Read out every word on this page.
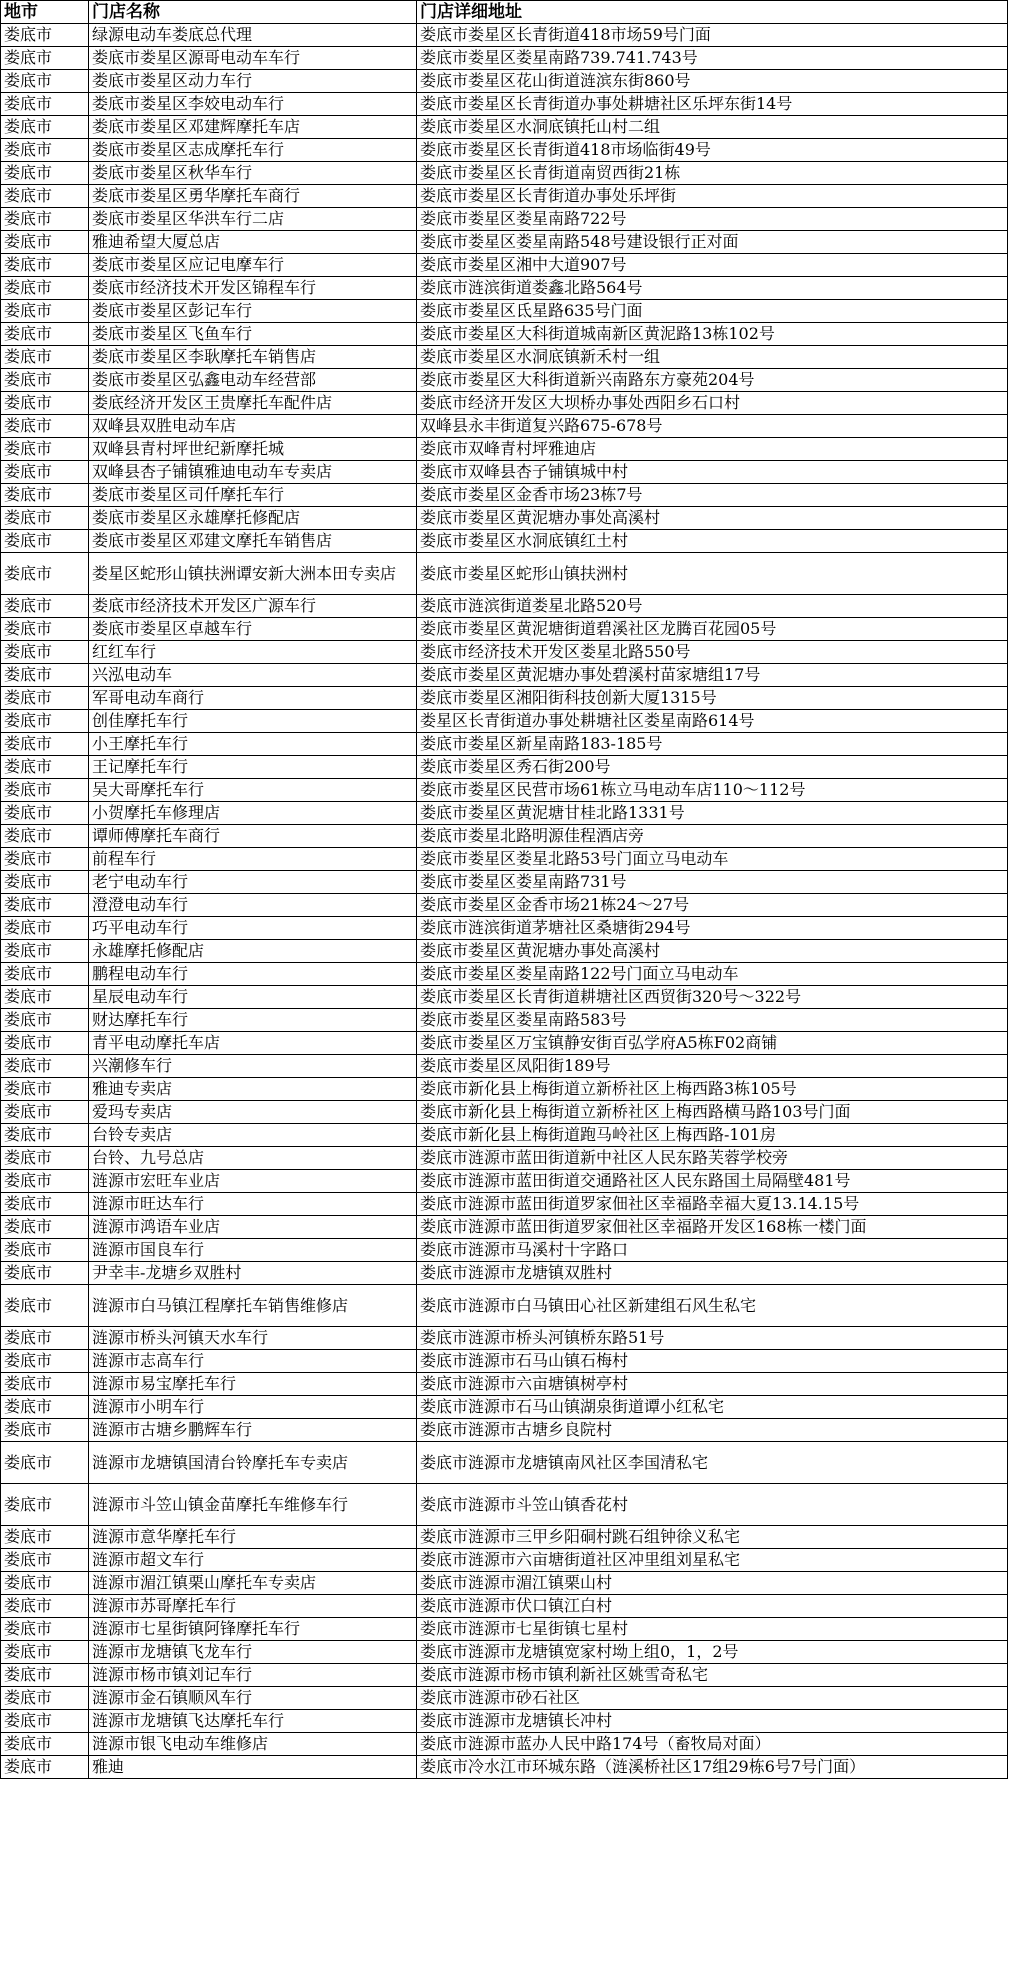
地市	门店名称	门店详细地址
娄底市	绿源电动车娄底总代理	娄底市娄星区长青街道418市场59号门面
娄底市	娄底市娄星区源哥电动车车行	娄底市娄星区娄星南路739.741.743号
娄底市	娄底市娄星区动力车行	娄底市娄星区花山街道涟滨东街860号
娄底市	娄底市娄星区李姣电动车行	娄底市娄星区长青街道办事处耕塘社区乐坪东街14号
娄底市	娄底市娄星区邓建辉摩托车店	娄底市娄星区水洞底镇托山村二组
娄底市	娄底市娄星区志成摩托车行	娄底市娄星区长青街道418市场临街49号
娄底市	娄底市娄星区秋华车行	娄底市娄星区长青街道南贸西街21栋
娄底市	娄底市娄星区勇华摩托车商行	娄底市娄星区长青街道办事处乐坪街
娄底市	娄底市娄星区华洪车行二店	娄底市娄星区娄星南路722号
娄底市	雅迪希望大厦总店	娄底市娄星区娄星南路548号建设银行正对面
娄底市	娄底市娄星区应记电摩车行	娄底市娄星区湘中大道907号
娄底市	娄底市经济技术开发区锦程车行	娄底市涟滨街道娄鑫北路564号
娄底市	娄底市娄星区彭记车行	娄底市娄星区氐星路635号门面
娄底市	娄底市娄星区飞鱼车行	娄底市娄星区大科街道城南新区黄泥路13栋102号
娄底市	娄底市娄星区李耿摩托车销售店	娄底市娄星区水洞底镇新禾村一组
娄底市	娄底市娄星区弘鑫电动车经营部	娄底市娄星区大科街道新兴南路东方豪苑204号
娄底市	娄底经济开发区王贵摩托车配件店	娄底市经济开发区大坝桥办事处西阳乡石口村
娄底市	双峰县双胜电动车店	双峰县永丰街道复兴路675-678号
娄底市	双峰县青村坪世纪新摩托城	娄底市双峰青村坪雅迪店
娄底市	双峰县杏子铺镇雅迪电动车专卖店	娄底市双峰县杏子铺镇城中村
娄底市	娄底市娄星区司仟摩托车行	娄底市娄星区金香市场23栋7号
娄底市	娄底市娄星区永雄摩托修配店	娄底市娄星区黄泥塘办事处高溪村
娄底市	娄底市娄星区邓建文摩托车销售店	娄底市娄星区水洞底镇红土村
娄底市	娄星区蛇形山镇扶洲谭安新大洲本田专卖店	娄底市娄星区蛇形山镇扶洲村
娄底市	娄底市经济技术开发区广源车行	娄底市涟滨街道娄星北路520号
娄底市	娄底市娄星区卓越车行	娄底市娄星区黄泥塘街道碧溪社区龙腾百花园05号
娄底市	红红车行	娄底市经济技术开发区娄星北路550号
娄底市	兴泓电动车	娄底市娄星区黄泥塘办事处碧溪村苗家塘组17号
娄底市	军哥电动车商行	娄底市娄星区湘阳街科技创新大厦1315号
娄底市	创佳摩托车行	娄星区长青街道办事处耕塘社区娄星南路614号
娄底市	小王摩托车行	娄底市娄星区新星南路183-185号
娄底市	王记摩托车行	娄底市娄星区秀石街200号
娄底市	吴大哥摩托车行	娄底市娄星区民营市场61栋立马电动车店110～112号
娄底市	小贺摩托车修理店	娄底市娄星区黄泥塘甘桂北路1331号
娄底市	谭师傅摩托车商行	娄底市娄星北路明源佳程酒店旁
娄底市	前程车行	娄底市娄星区娄星北路53号门面立马电动车
娄底市	老宁电动车行	娄底市娄星区娄星南路731号
娄底市	澄澄电动车行	娄底市娄星区金香市场21栋24～27号
娄底市	巧平电动车行	娄底市涟滨街道茅塘社区桑塘街294号
娄底市	永雄摩托修配店	娄底市娄星区黄泥塘办事处高溪村
娄底市	鹏程电动车行	娄底市娄星区娄星南路122号门面立马电动车
娄底市	星辰电动车行	娄底市娄星区长青街道耕塘社区西贸街320号～322号
娄底市	财达摩托车行	娄底市娄星区娄星南路583号
娄底市	青平电动摩托车店	娄底市娄星区万宝镇静安街百弘学府A5栋F02商铺
娄底市	兴潮修车行	娄底市娄星区凤阳街189号
娄底市	雅迪专卖店	娄底市新化县上梅街道立新桥社区上梅西路3栋105号
娄底市	爱玛专卖店	娄底市新化县上梅街道立新桥社区上梅西路横马路103号门面
娄底市	台铃专卖店	娄底市新化县上梅街道跑马岭社区上梅西路-101房
娄底市	台铃、九号总店	娄底市涟源市蓝田街道新中社区人民东路芙蓉学校旁
娄底市	涟源市宏旺车业店	娄底市涟源市蓝田街道交通路社区人民东路国土局隔壁481号
娄底市	涟源市旺达车行	娄底市涟源市蓝田街道罗家佃社区幸福路幸福大夏13.14.15号
娄底市	涟源市鸿语车业店	娄底市涟源市蓝田街道罗家佃社区幸福路开发区168栋一楼门面
娄底市	涟源市国良车行	娄底市涟源市马溪村十字路口
娄底市	尹幸丰-龙塘乡双胜村	娄底市涟源市龙塘镇双胜村
娄底市	涟源市白马镇江程摩托车销售维修店	娄底市涟源市白马镇田心社区新建组石风生私宅
娄底市	涟源市桥头河镇天水车行	娄底市涟源市桥头河镇桥东路51号
娄底市	涟源市志高车行	娄底市涟源市石马山镇石梅村
娄底市	涟源市易宝摩托车行	娄底市涟源市六亩塘镇树亭村
娄底市	涟源市小明车行	娄底市涟源市石马山镇湖泉街道谭小红私宅
娄底市	涟源市古塘乡鹏辉车行	娄底市涟源市古塘乡良院村
娄底市	涟源市龙塘镇国清台铃摩托车专卖店	娄底市涟源市龙塘镇南风社区李国清私宅
娄底市	涟源市斗笠山镇金苗摩托车维修车行	娄底市涟源市斗笠山镇香花村
娄底市	涟源市意华摩托车行	娄底市涟源市三甲乡阳硐村跳石组钟徐义私宅
娄底市	涟源市超文车行	娄底市涟源市六亩塘街道社区冲里组刘星私宅
娄底市	涟源市湄江镇栗山摩托车专卖店	娄底市涟源市湄江镇栗山村
娄底市	涟源市苏哥摩托车行	娄底市涟源市伏口镇江白村
娄底市	涟源市七星街镇阿锋摩托车行	娄底市涟源市七星街镇七星村
娄底市	涟源市龙塘镇飞龙车行	娄底市涟源市龙塘镇宽家村坳上组0，1，2号
娄底市	涟源市杨市镇刘记车行	娄底市涟源市杨市镇利新社区姚雪奇私宅
娄底市	涟源市金石镇顺风车行	娄底市涟源市砂石社区
娄底市	涟源市龙塘镇飞达摩托车行	娄底市涟源市龙塘镇长冲村
娄底市	涟源市银飞电动车维修店	娄底市涟源市蓝办人民中路174号（畜牧局对面）
娄底市	雅迪	娄底市冷水江市环城东路（涟溪桥社区17组29栋6号7号门面）
